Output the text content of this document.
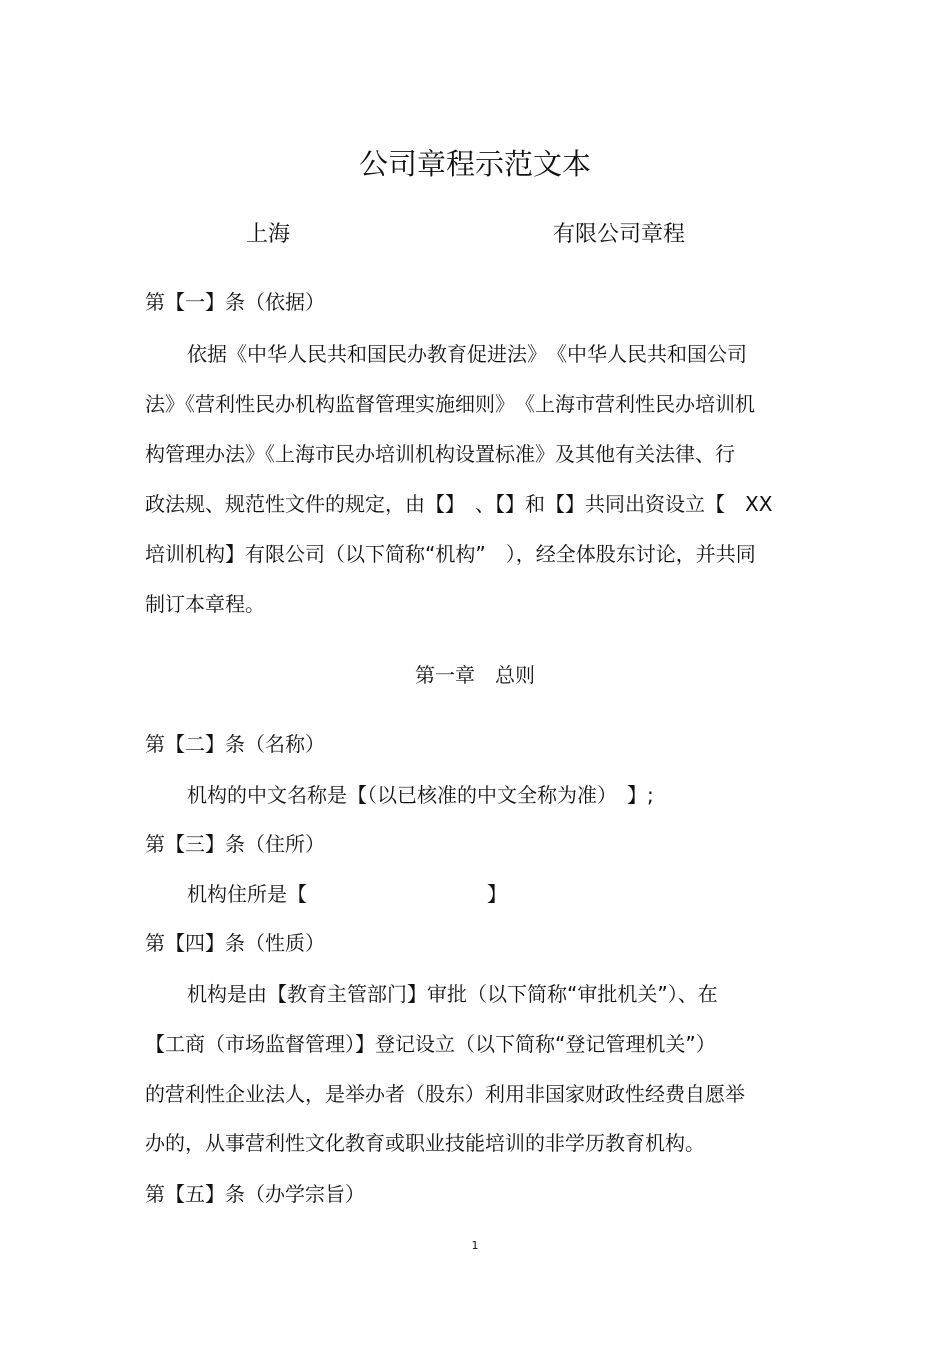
公司章程示范文本
上海	有限公司章程
第【一】条（依据）
依据《中华人民共和国民办教育促进法》　《中华人民共和国公司
法》《营利性民办机构监督管理实施细则》　《上海市营利性民办培训机
构管理办法》《上海市民办培训机构设置标准》及其他有关法律、行
政法规、规范性文件的规定，由【】　、【】和【】共同出资设立【　XX
培训机构】有限公司（以下简称“机构”　），经全体股东讨论，并共同
制订本章程。
第一章　总则
第【二】条（名称）
机构的中文名称是【（以已核准的中文全称为准）　】;
第【三】条（住所）
机构住所是【　　　　　　　　　】
第【四】条（性质）
机构是由【教育主管部门】审批（以下简称“审批机关”）、在
【工商（市场监督管理）】登记设立（以下简称“登记管理机关”）
的营利性企业法人，是举办者（股东）利用非国家财政性经费自愿举
办的，从事营利性文化教育或职业技能培训的非学历教育机构。
第【五】条（办学宗旨）
1
